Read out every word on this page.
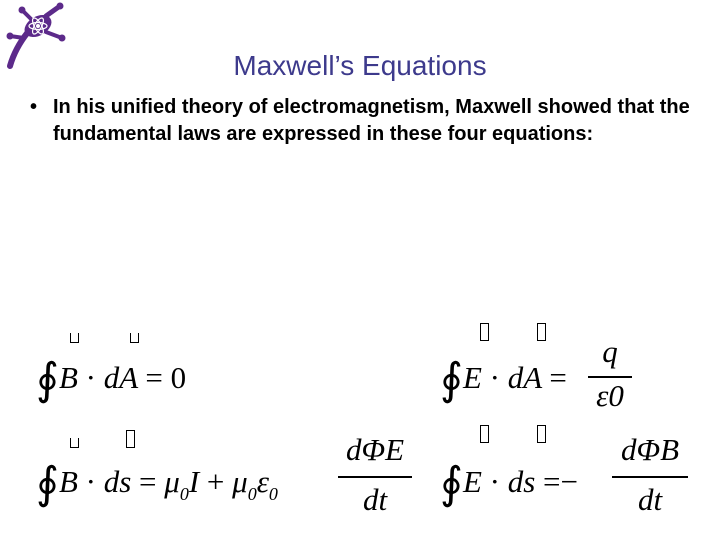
Maxwell’s Equations
• In his unified theory of electromagnetism, Maxwell showed that the fundamental laws are expressed in these four equations:
∮B · dA = 0	∮E · dA =
q
ε0
∮B · ds = $\mu_0I + \mu_0\varepsilon_0$
dΦE
dt	∮E · ds =−
dΦB
dt
